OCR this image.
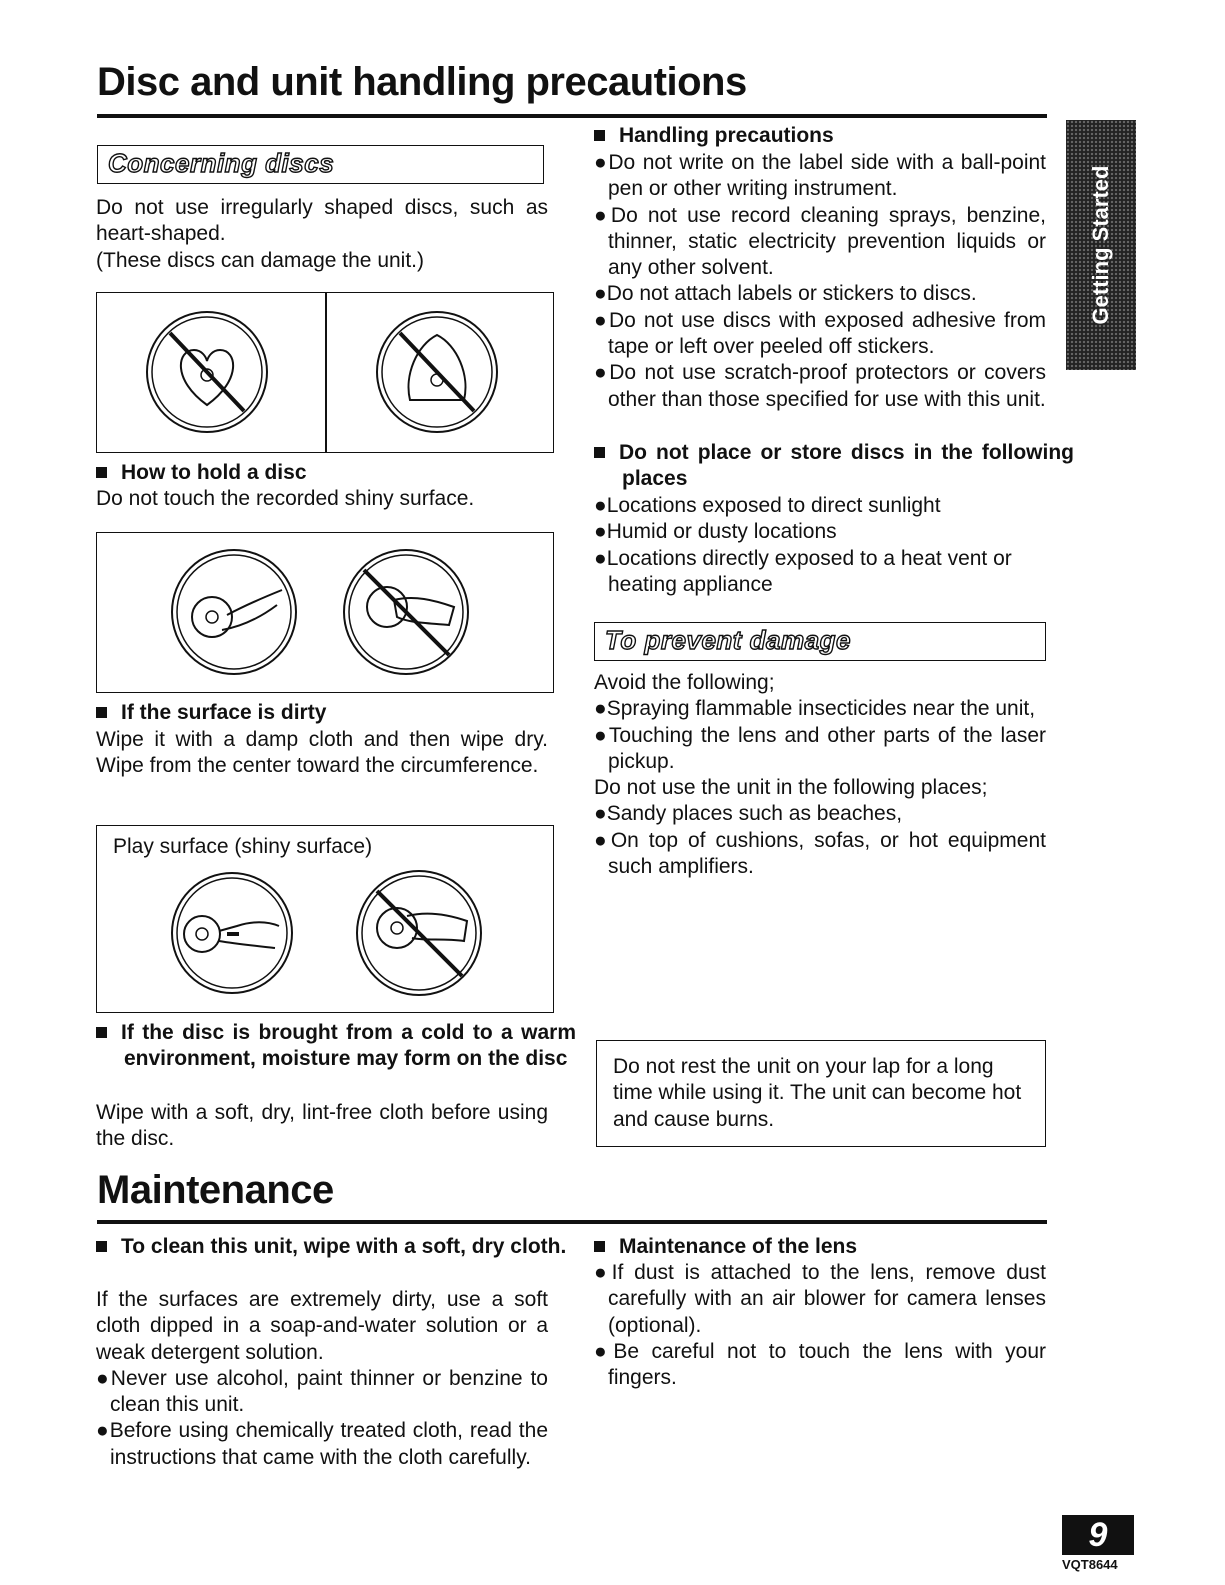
Disc and unit handling precautions
Getting Started
Concerning discs
Do not use irregularly shaped discs, such as heart-shaped.
(These discs can damage the unit.)
How to hold a disc
Do not touch the recorded shiny surface.
If the surface is dirty
Wipe it with a damp cloth and then wipe dry. Wipe from the center toward the circumference.
Play surface (shiny surface)
If the disc is brought from a cold to a warm environment, moisture may form on the disc
Wipe with a soft, dry, lint-free cloth before using the disc.
Handling precautions
●Do not write on the label side with a ball-point pen or other writing instrument.
●Do not use record cleaning sprays, benzine, thinner, static electricity prevention liquids or any other solvent.
●Do not attach labels or stickers to discs.
●Do not use discs with exposed adhesive from tape or left over peeled off stickers.
●Do not use scratch-proof protectors or covers other than those specified for use with this unit.
Do not place or store discs in the following places
●Locations exposed to direct sunlight
●Humid or dusty locations
●Locations directly exposed to a heat vent or heating appliance
To prevent damage
Avoid the following;
●Spraying flammable insecticides near the unit,
●Touching the lens and other parts of the laser pickup.
Do not use the unit in the following places;
●Sandy places such as beaches,
●On top of cushions, sofas, or hot equipment such amplifiers.
Do not rest the unit on your lap for a long time while using it. The unit can become hot and cause burns.
Maintenance
To clean this unit, wipe with a soft, dry cloth.
If the surfaces are extremely dirty, use a soft cloth dipped in a soap-and-water solution or a weak detergent solution.
●Never use alcohol, paint thinner or benzine to clean this unit.
●Before using chemically treated cloth, read the instructions that came with the cloth carefully.
Maintenance of the lens
●If dust is attached to the lens, remove dust carefully with an air blower for camera lenses (optional).
●Be careful not to touch the lens with your fingers.
9
VQT8644
